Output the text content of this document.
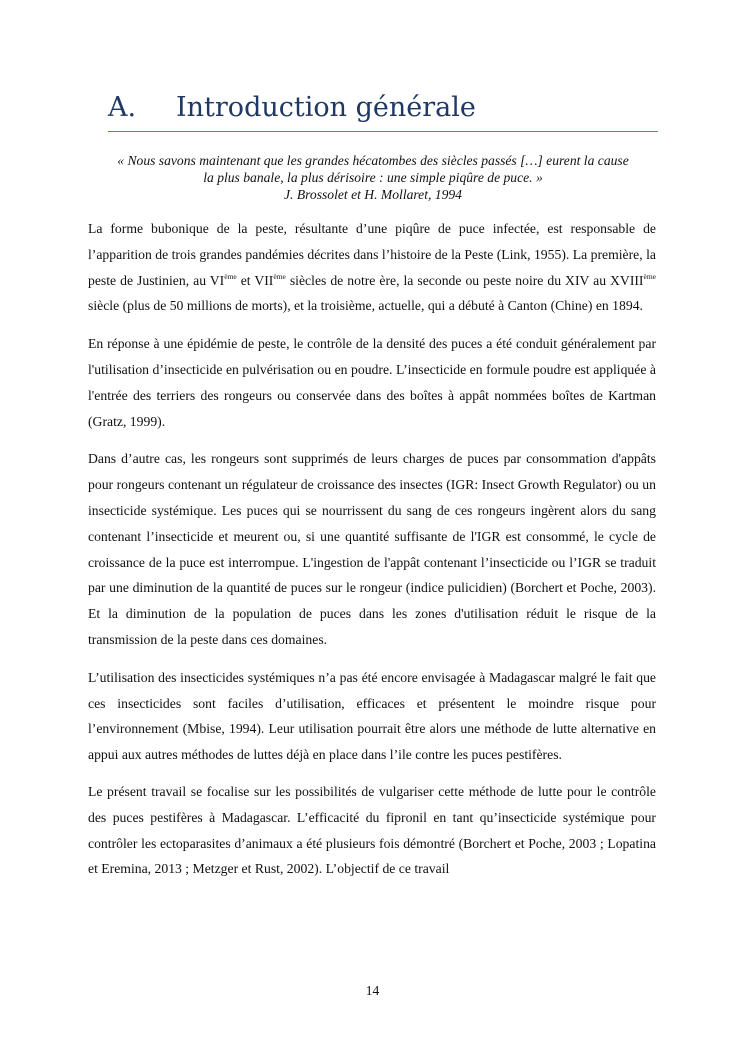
A. Introduction générale
« Nous savons maintenant que les grandes hécatombes des siècles passés […] eurent la cause
la plus banale, la plus dérisoire : une simple piqûre de puce. »
J. Brossolet et H. Mollaret, 1994

La forme bubonique de la peste, résultante d’une piqûre de puce infectée, est responsable de l’apparition de trois grandes pandémies décrites dans l’histoire de la Peste (Link, 1955). La première, la peste de Justinien, au VIème et VIIème siècles de notre ère, la seconde ou peste noire du XIV au XVIIIème siècle (plus de 50 millions de morts), et la troisième, actuelle, qui a débuté à Canton (Chine) en 1894.

En réponse à une épidémie de peste, le contrôle de la densité des puces a été conduit généralement par l'utilisation d’insecticide en pulvérisation ou en poudre. L’insecticide en formule poudre est appliquée à l'entrée des terriers des rongeurs ou conservée dans des boîtes à appât nommées boîtes de Kartman (Gratz, 1999).

Dans d’autre cas, les rongeurs sont supprimés de leurs charges de puces par consommation d'appâts pour rongeurs contenant un régulateur de croissance des insectes (IGR: Insect Growth Regulator) ou un insecticide systémique. Les puces qui se nourrissent du sang de ces rongeurs ingèrent alors du sang contenant l’insecticide et meurent ou, si une quantité suffisante de l'IGR est consommé, le cycle de croissance de la puce est interrompue. L'ingestion de l'appât contenant l’insecticide ou l’IGR se traduit par une diminution de la quantité de puces sur le rongeur (indice pulicidien) (Borchert et Poche, 2003). Et la diminution de la population de puces dans les zones d'utilisation réduit le risque de la transmission de la peste dans ces domaines.

L’utilisation des insecticides systémiques n’a pas été encore envisagée à Madagascar malgré le fait que ces insecticides sont faciles d’utilisation, efficaces et présentent le moindre risque pour l’environnement (Mbise, 1994). Leur utilisation pourrait être alors une méthode de lutte alternative en appui aux autres méthodes de luttes déjà en place dans l’ile contre les puces pestifères.

Le présent travail se focalise sur les possibilités de vulgariser cette méthode de lutte pour le contrôle des puces pestifères à Madagascar. L’efficacité du fipronil en tant qu’insecticide systémique pour contrôler les ectoparasites d’animaux a été plusieurs fois démontré (Borchert et Poche, 2003 ; Lopatina et Eremina, 2013 ; Metzger et Rust, 2002). L’objectif de ce travail

14
